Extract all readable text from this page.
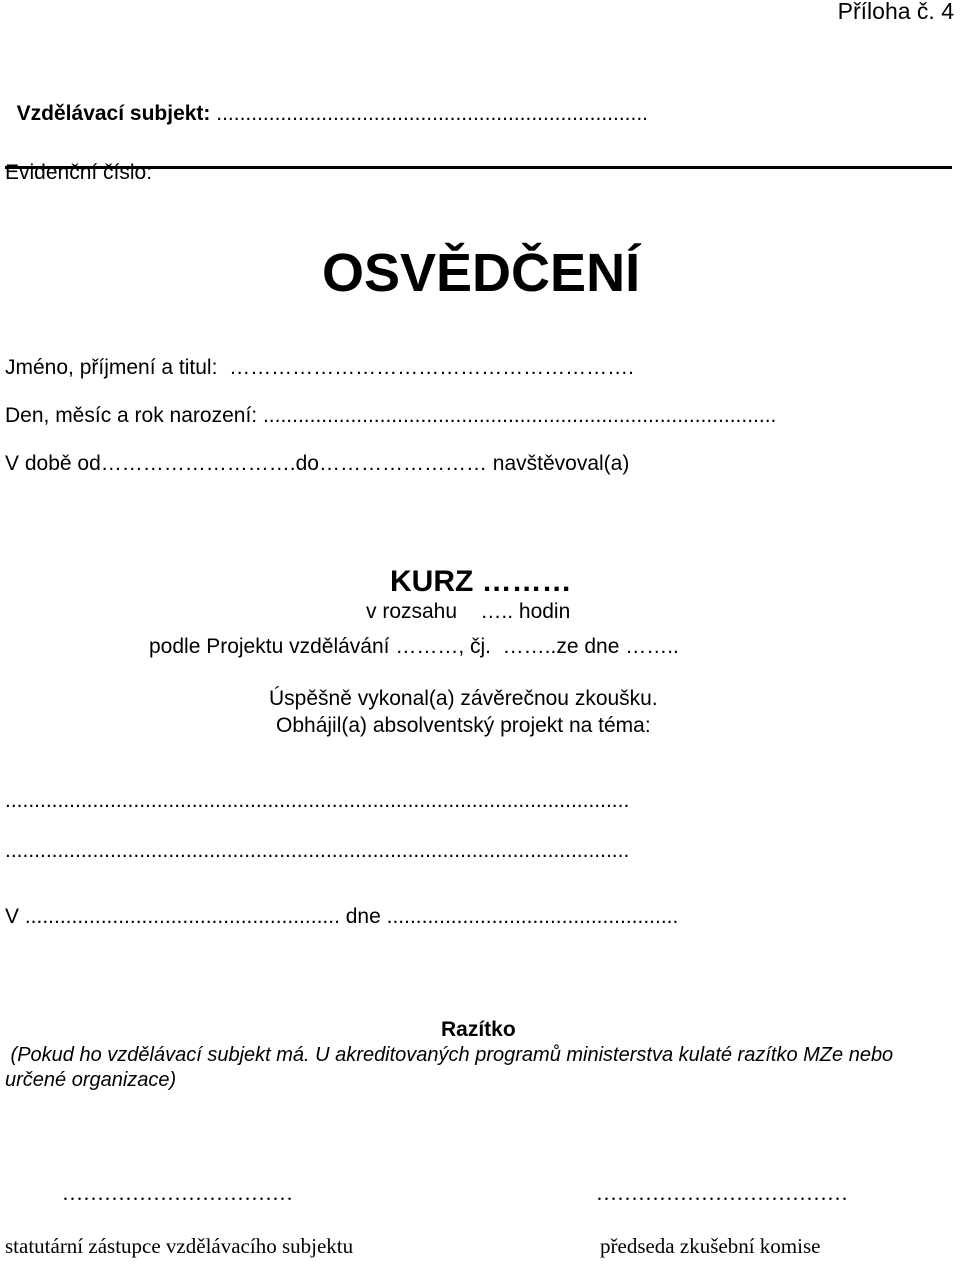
Příloha č. 4

Vzdělávací subjekt: ..........................................................................

Evidenční číslo:
OSVĚDČENÍ
Jméno, příjmení a titul:  ………………………………………………….
Den, měsíc a rok narození: ........................................................................................
V době od……………………….do…………………… navštěvoval(a)
KURZ ………
v rozsahu    ….. hodin
podle Projektu vzdělávání ………, čj.  ……..ze dne ……..
Úspěšně vykonal(a) závěrečnou zkoušku.
Obhájil(a) absolventský projekt na téma:
...........................................................................................................
...........................................................................................................
V ...................................................... dne ..................................................
Razítko
(Pokud ho vzdělávací subjekt má. U akreditovaných programů ministerstva kulaté razítko MZe nebo
určené organizace)
……………………………	………………………………
statutární zástupce vzdělávacího subjektu	předseda zkušební komise
